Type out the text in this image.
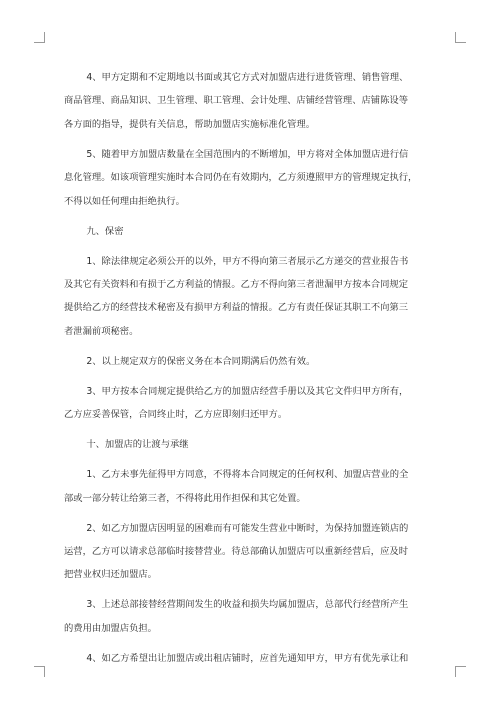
4、甲方定期和不定期地以书面或其它方式对加盟店进行进货管理、销售管理、
商品管理、商品知识、卫生管理、职工管理、会计处理、店铺经营管理、店铺陈设等
各方面的指导，提供有关信息，帮助加盟店实施标准化管理。
5、随着甲方加盟店数量在全国范围内的不断增加，甲方将对全体加盟店进行信
息化管理。如该项管理实施时本合同仍在有效期内，乙方须遵照甲方的管理规定执行，
不得以如任何理由拒绝执行。
九、保密
1、除法律规定必须公开的以外，甲方不得向第三者展示乙方递交的营业报告书
及其它有关资料和有损于乙方利益的情报。乙方不得向第三者泄漏甲方按本合同规定
提供给乙方的经营技术秘密及有损甲方利益的情报。乙方有责任保证其职工不向第三
者泄漏前项秘密。
2、以上规定双方的保密义务在本合同期满后仍然有效。
3、甲方按本合同规定提供给乙方的加盟店经营手册以及其它文件归甲方所有，
乙方应妥善保管，合同终止时，乙方应即刻归还甲方。
十、加盟店的让渡与承继
1、乙方未事先征得甲方同意，不得将本合同规定的任何权利、加盟店营业的全
部或一部分转让给第三者，不得将此用作担保和其它处置。
2、如乙方加盟店因明显的困难而有可能发生营业中断时，为保持加盟连锁店的
运营，乙方可以请求总部临时接替营业。待总部确认加盟店可以重新经营后，应及时
把营业权归还加盟店。
3、上述总部接替经营期间发生的收益和损失均属加盟店，总部代行经营所产生
的费用由加盟店负担。
4、如乙方希望出让加盟店或出租店铺时，应首先通知甲方，甲方有优先承让和
